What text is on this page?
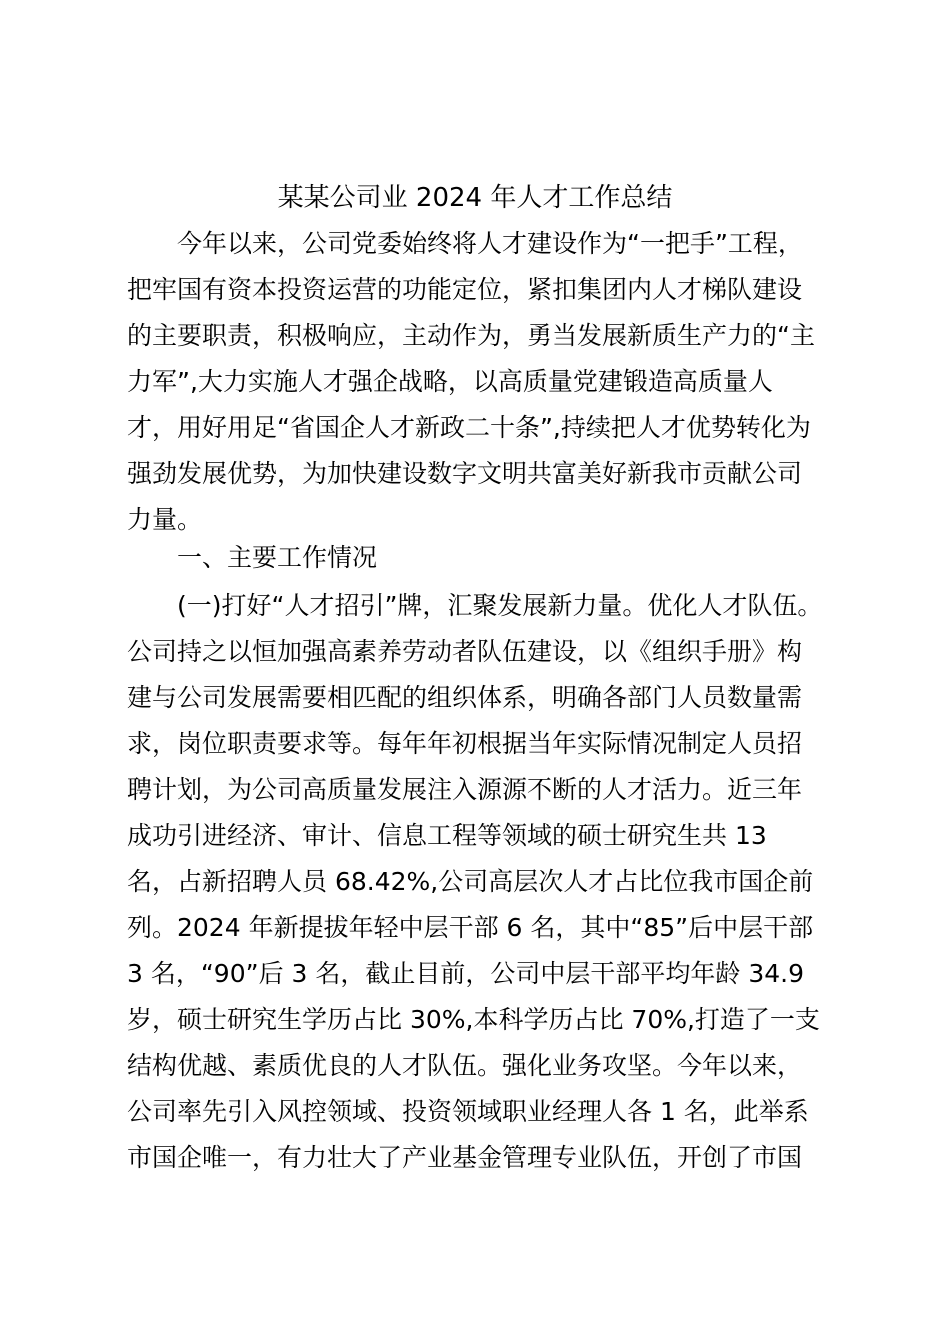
某某公司业 2024 年人才工作总结

今年以来，公司党委始终将人才建设作为“一把手”工程，

把牢国有资本投资运营的功能定位，紧扣集团内人才梯队建设

的主要职责，积极响应，主动作为，勇当发展新质生产力的“主

力军”,大力实施人才强企战略，以高质量党建锻造高质量人

才，用好用足“省国企人才新政二十条”,持续把人才优势转化为

强劲发展优势，为加快建设数字文明共富美好新我市贡献公司

力量。

一、主要工作情况

(一)打好“人才招引”牌，汇聚发展新力量。优化人才队伍。

公司持之以恒加强高素养劳动者队伍建设，以《组织手册》构

建与公司发展需要相匹配的组织体系，明确各部门人员数量需

求，岗位职责要求等。每年年初根据当年实际情况制定人员招

聘计划，为公司高质量发展注入源源不断的人才活力。近三年

成功引进经济、审计、信息工程等领域的硕士研究生共 13

名，占新招聘人员 68.42%,公司高层次人才占比位我市国企前

列。2024 年新提拔年轻中层干部 6 名，其中“85”后中层干部

3 名，“90”后 3 名，截止目前，公司中层干部平均年龄 34.9

岁，硕士研究生学历占比 30%,本科学历占比 70%,打造了一支

结构优越、素质优良的人才队伍。强化业务攻坚。今年以来，

公司率先引入风控领域、投资领域职业经理人各 1 名，此举系

市国企唯一，有力壮大了产业基金管理专业队伍，开创了市国
